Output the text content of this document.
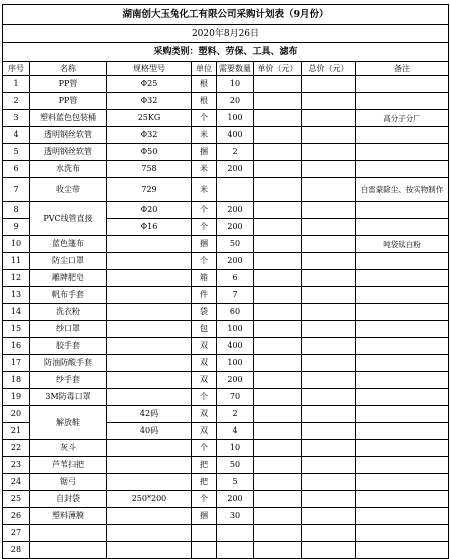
湖南创大玉兔化工有限公司采购计划表（9月份）							
2020年8月26日							
采购类别：塑料、劳保、工具、滤布							
序号	名称	规格型号	单位	需要数量	单价（元）	总价（元）	备注
1	PP管	Φ25	根	10			
2	PP管	Φ32	根	20			
3	塑料蓝色包装桶	25KG	个	100			高分子分厂
4	透明钢丝软管	Φ32	米	400			
5	透明钢丝软管	Φ50	捆	2			
6	水洗布	758	米	200			
7	收尘带	729	米				白雷蒙除尘、按实物制作
8	PVC线管直接	Φ20	个	200			
9		Φ16	个	200			
10	蓝色篷布		捆	50			吨袋钛白粉
11	防尘口罩		个	200			
12	雕牌肥皂		箱	6			
13	帆布手套		件	7			
14	洗衣粉		袋	60			
15	纱口罩		包	100			
16	胶手套		双	400			
17	防油防酸手套		双	100			
18	纱手套		双	200			
19	3M防毒口罩		个	70			
20	解放鞋	42码	双	2			
21		40码	双	4			
22	灰斗		个	10			
23	芦苇扫把		把	50			
24	锯弓		把	5			
25	自封袋	250*200	个	200			
26	塑料薄膜		捆	30			
27							
28							
